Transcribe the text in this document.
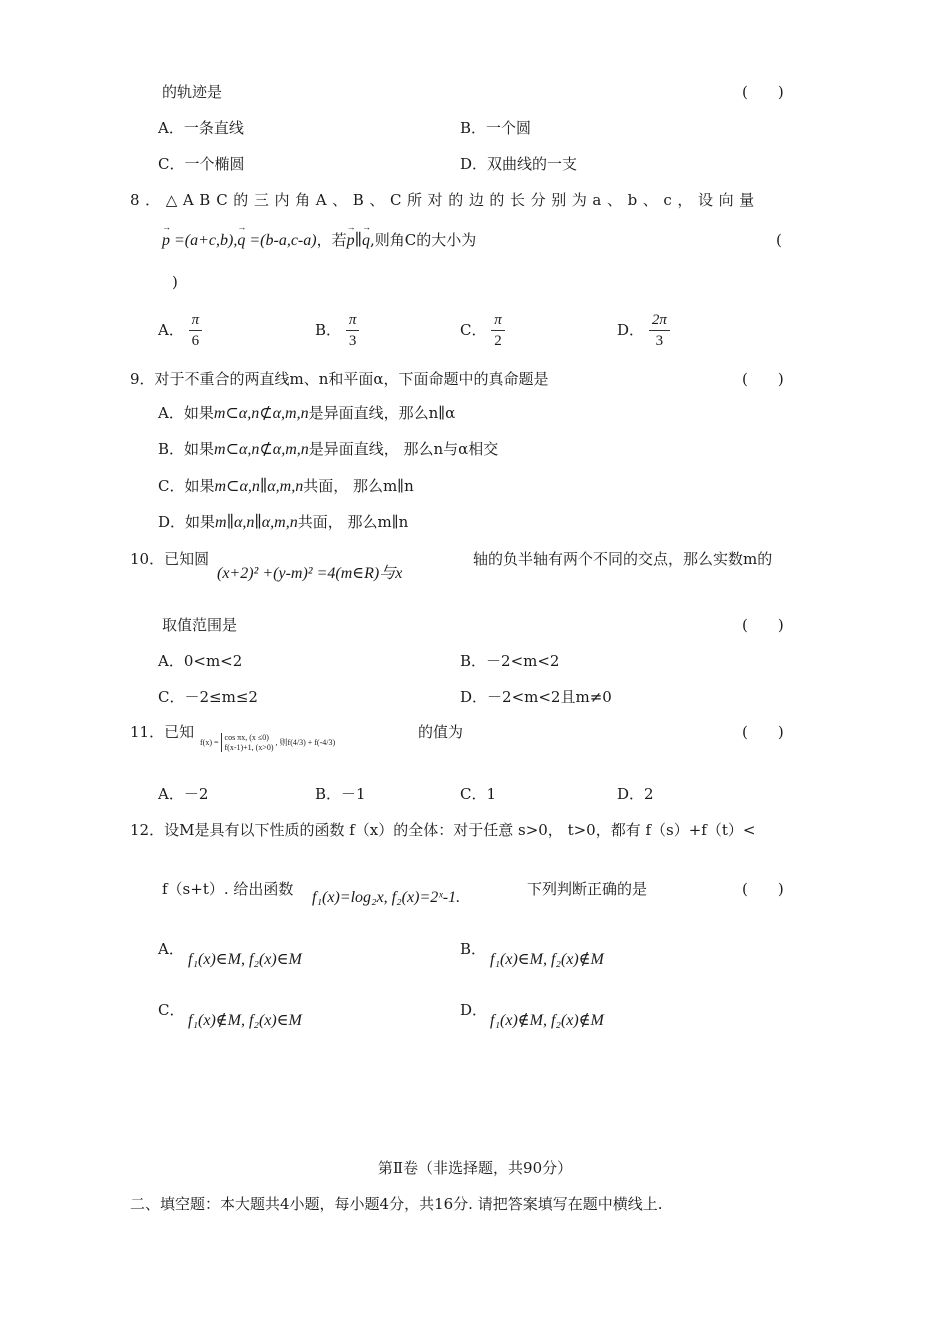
的轨迹是	(　　)
A．一条直线	B．一个圆
C．一个椭圆	D．双曲线的一支
8．△ABC的三内角A、B、C所对的边的长分别为a、b、c，设向量
→ p =(a+c,b),→ q =(b-a,c-a)，若→ p∥→ q,则角C的大小为	(
)
A． $\frac{\pi}{6}$	B． $\frac{\pi}{3}$	C． $\frac{\pi}{2}$	D． $\frac{2\pi}{3}$
9．对于不重合的两直线m、n和平面α，下面命题中的真命题是	(　　)
A．如果m⊂α,n⊄α,m,n是异面直线，那么n∥α
B．如果m⊂α,n⊄α,m,n是异面直线， 那么n与α相交
C．如果m⊂α,n∥α,m,n共面， 那么m∥n
D．如果m∥α,n∥α,m,n共面， 那么m∥n
10．已知圆
(x+2)² +(y-m)² =4(m∈R)与x
轴的负半轴有两个不同的交点，那么实数m的
取值范围是	(　　)
A．0<m<2	B．－2<m<2
C．－2≤m≤2	D．－2<m<2且m≠0
11．已知
f(x) =
cos πx, (x ≤0)
f(x-1)+1, (x>0)
, 则f(4/3) + f(-4/3)
的值为	(　　)
A．－2	B．－1	C．1	D．2
12．设M是具有以下性质的函数 f（x）的全体：对于任意 s>0， t>0，都有 f（s）+f（t）<
f（s+t）. 给出函数 f₁(x)=log₂x, f₂(x)=2ˣ-1.	下列判断正确的是	(　　)
A．
f₁(x)∈M, f₂(x)∈M
B．
f₁(x)∈M, f₂(x)∉M
C．
f₁(x)∉M, f₂(x)∈M
D．
f₁(x)∉M, f₂(x)∉M
第Ⅱ卷（非选择题，共90分）
二、填空题：本大题共4小题，每小题4分，共16分. 请把答案填写在题中横线上.
